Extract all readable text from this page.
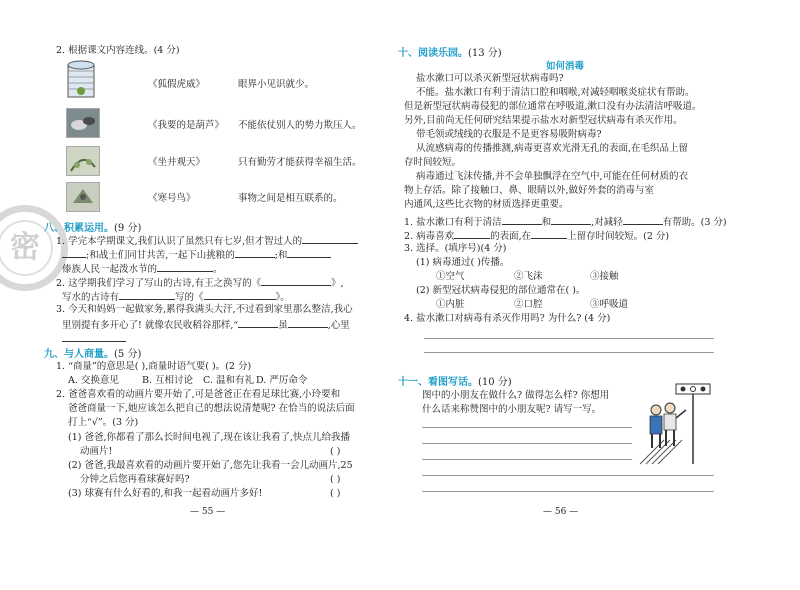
密
2. 根据课文内容连线。(4 分)
《狐假虎威》	眼界小见识就少。
《我要的是葫芦》 不能依仗别人的势力欺压人。
《坐井观天》	只有勤劳才能获得幸福生活。
《寒号鸟》	事物之间是相互联系的。
八、积累运用。(9 分)
1. 学完本学期课文,我们认识了虽然只有七岁,但才智过人的
;和战士们同甘共苦,一起下山挑粮的	;和
傣族人民一起泼水节的	。
2. 这学期我们学习了写山的古诗,有王之涣写的《	》,
写水的古诗有	写的《	》。
3. 今天和妈妈一起做家务,累得我满头大汗,不过看到家里那么整洁,我心
里别提有多开心了! 就像农民收稻谷那样,“	虽	,心里
九、与人商量。(5 分)
1. “商量”的意思是( ),商量时语气要( )。(2 分)
A. 交换意见 B. 互相讨论 C. 温和有礼 D. 严厉命令
2. 爸爸喜欢看的动画片要开始了,可是爸爸正在看足球比赛,小玲要和
爸爸商量一下,她应该怎么把自己的想法说清楚呢? 在恰当的说法后面
打上“√”。(3 分)
(1) 爸爸,你都看了那么长时间电视了,现在该让我看了,快点儿给我播
动画片!	( )
(2) 爸爸,我最喜欢看的动画片要开始了,您先让我看一会儿动画片,25
分钟之后您再看球赛好吗?	( )
(3) 球赛有什么好看的,和我一起看动画片多好!	( )
— 55 —
十、阅读乐园。(13 分)
如何消毒
盐水漱口可以杀灭新型冠状病毒吗?
不能。盐水漱口有利于清洁口腔和咽喉,对减轻咽喉炎症状有帮助。
但是新型冠状病毒侵犯的部位通常在呼吸道,漱口没有办法清洁呼吸道。
另外,目前尚无任何研究结果提示盐水对新型冠状病毒有杀灭作用。
带毛领或绒线的衣服是不是更容易吸附病毒?
从流感病毒的传播推测,病毒更喜欢光滑无孔的表面,在毛织品上留
存时间较短。
病毒通过飞沫传播,并不会单独飘浮在空气中,可能在任何材质的衣
物上存活。除了接触口、鼻、眼睛以外,做好外套的消毒与室
内通风,这些比衣物的材质选择更重要。
1. 盐水漱口有利于清洁	和	,对减轻	有帮助。(3 分)
2. 病毒喜欢	的表面,在	上留存时间较短。(2 分)
3. 选择。(填序号)(4 分)
(1) 病毒通过( )传播。
①空气	②飞沫	③接触
(2) 新型冠状病毒侵犯的部位通常在( )。
①内脏	②口腔	③呼吸道
4. 盐水漱口对病毒有杀灭作用吗? 为什么? (4 分)
十一、看图写话。(10 分)
图中的小朋友在做什么? 做得怎么样? 你想用
什么话来称赞图中的小朋友呢? 请写一写。
— 56 —
